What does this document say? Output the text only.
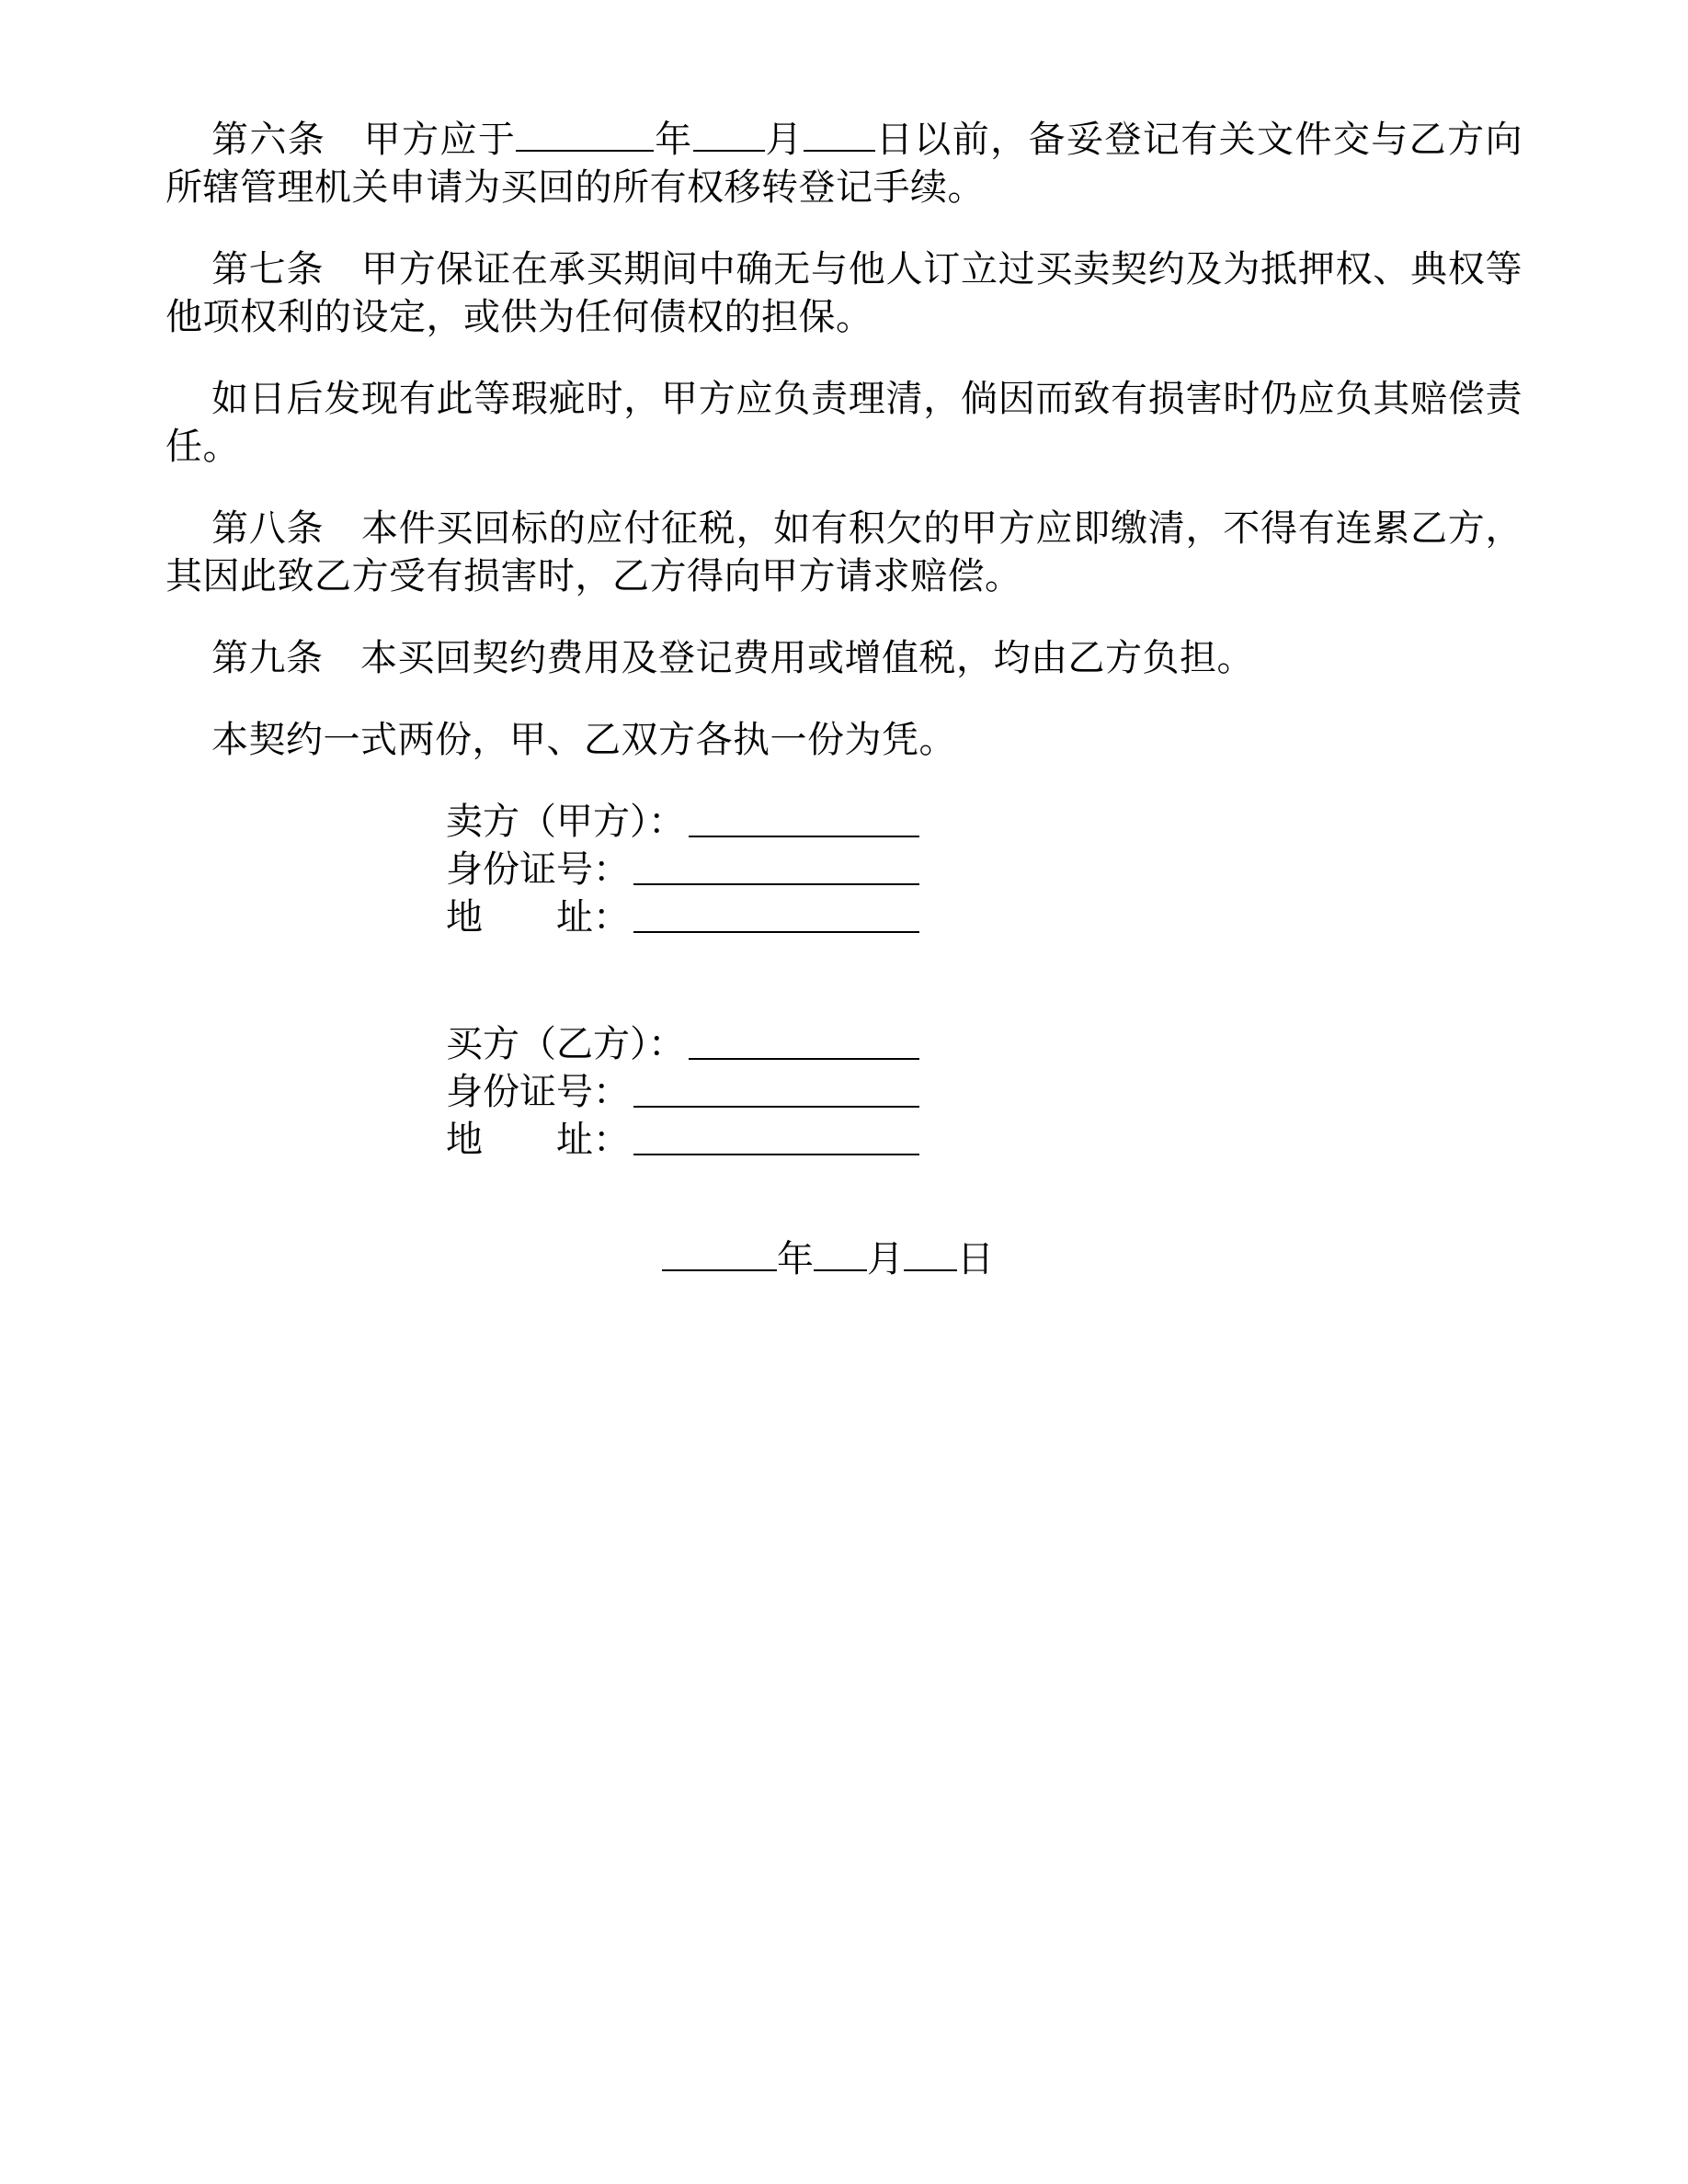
第六条　甲方应于	年 月 日以前，备妥登记有关文件交与乙方向所辖管理机关申请为买回的所有权移转登记手续。

第七条　甲方保证在承买期间中确无与他人订立过买卖契约及为抵押权、典权等他项权利的设定，或供为任何债权的担保。

如日后发现有此等瑕疵时，甲方应负责理清，倘因而致有损害时仍应负其赔偿责任。

第八条　本件买回标的应付征税，如有积欠的甲方应即缴清，不得有连累乙方，其因此致乙方受有损害时，乙方得向甲方请求赔偿。

第九条　本买回契约费用及登记费用或增值税，均由乙方负担。

本契约一式两份，甲、乙双方各执一份为凭。

卖方（甲方）：
身份证号：
地　　址：
买方（乙方）：
身份证号：
地　　址：
年 月 日
